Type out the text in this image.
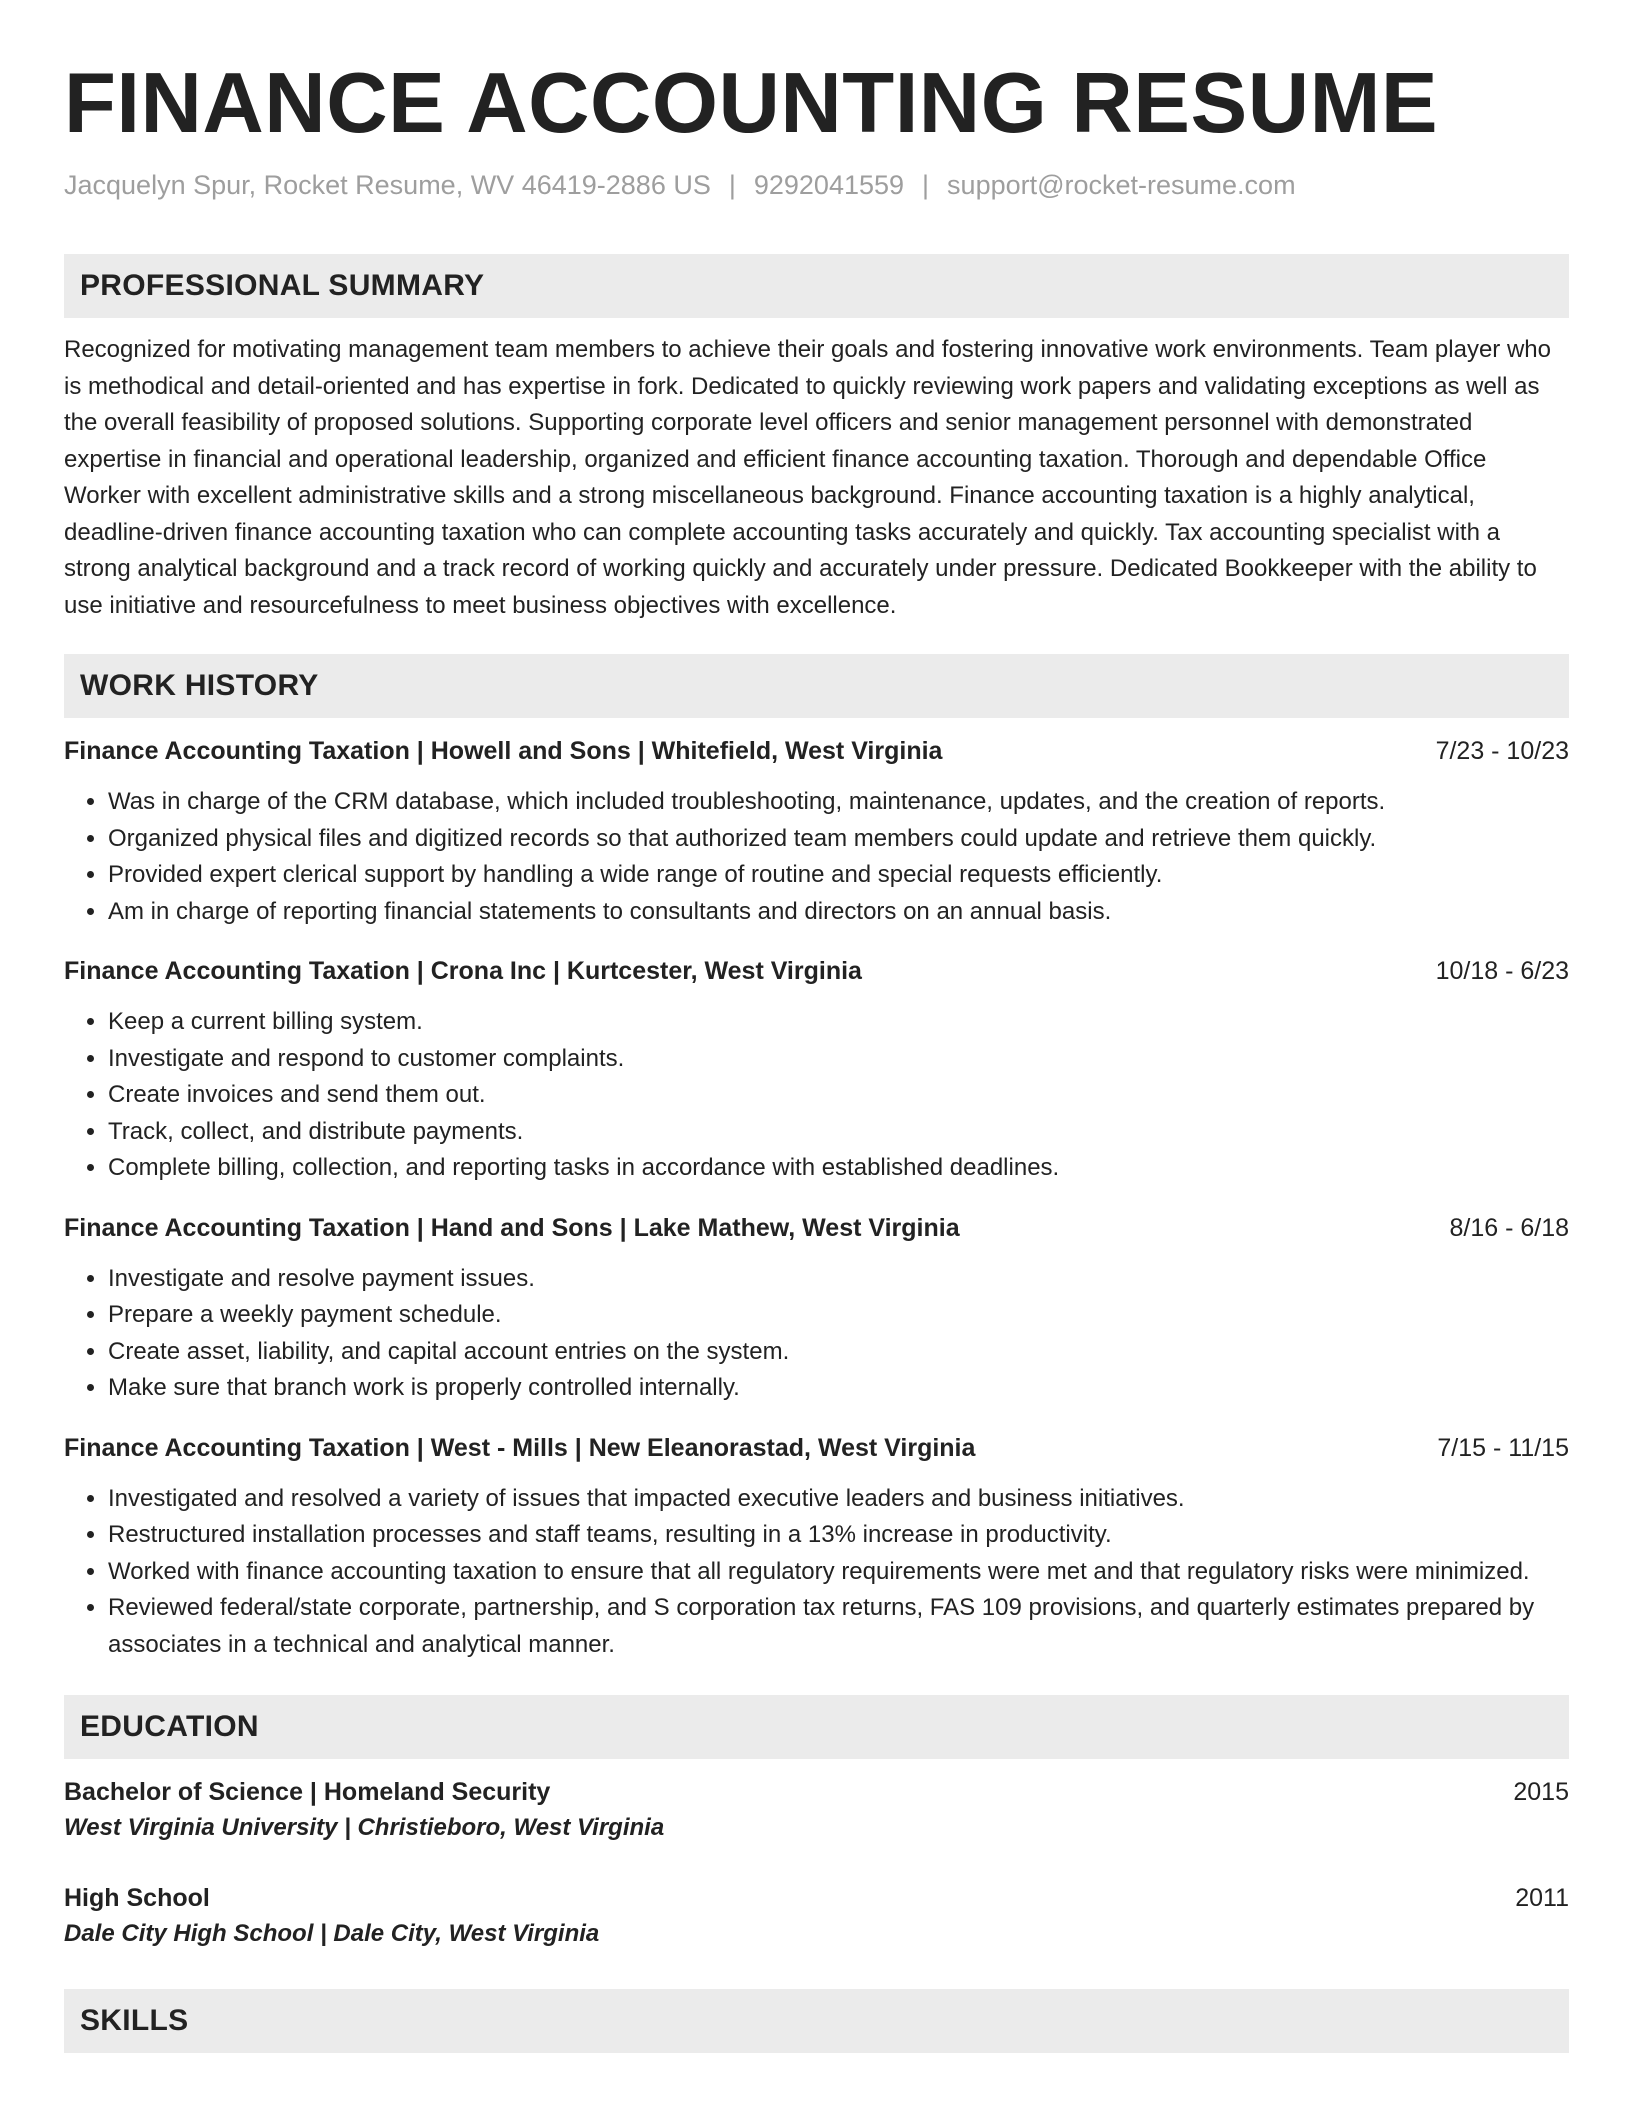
FINANCE ACCOUNTING RESUME
Jacquelyn Spur, Rocket Resume, WV 46419-2886 US | 9292041559 | support@rocket-resume.com
PROFESSIONAL SUMMARY

Recognized for motivating management team members to achieve their goals and fostering innovative work environments. Team player who is methodical and detail-oriented and has expertise in fork. Dedicated to quickly reviewing work papers and validating exceptions as well as the overall feasibility of proposed solutions. Supporting corporate level officers and senior management personnel with demonstrated expertise in financial and operational leadership, organized and efficient finance accounting taxation. Thorough and dependable Office Worker with excellent administrative skills and a strong miscellaneous background. Finance accounting taxation is a highly analytical, deadline-driven finance accounting taxation who can complete accounting tasks accurately and quickly. Tax accounting specialist with a strong analytical background and a track record of working quickly and accurately under pressure. Dedicated Bookkeeper with the ability to use initiative and resourcefulness to meet business objectives with excellence.

WORK HISTORY
Finance Accounting Taxation | Howell and Sons | Whitefield, West Virginia	7/23 - 10/23
• Was in charge of the CRM database, which included troubleshooting, maintenance, updates, and the creation of reports.
• Organized physical files and digitized records so that authorized team members could update and retrieve them quickly.
• Provided expert clerical support by handling a wide range of routine and special requests efficiently.
• Am in charge of reporting financial statements to consultants and directors on an annual basis.
Finance Accounting Taxation | Crona Inc | Kurtcester, West Virginia	10/18 - 6/23
• Keep a current billing system.
• Investigate and respond to customer complaints.
• Create invoices and send them out.
• Track, collect, and distribute payments.
• Complete billing, collection, and reporting tasks in accordance with established deadlines.
Finance Accounting Taxation | Hand and Sons | Lake Mathew, West Virginia	8/16 - 6/18
• Investigate and resolve payment issues.
• Prepare a weekly payment schedule.
• Create asset, liability, and capital account entries on the system.
• Make sure that branch work is properly controlled internally.
Finance Accounting Taxation | West - Mills | New Eleanorastad, West Virginia	7/15 - 11/15
• Investigated and resolved a variety of issues that impacted executive leaders and business initiatives.
• Restructured installation processes and staff teams, resulting in a 13% increase in productivity.
• Worked with finance accounting taxation to ensure that all regulatory requirements were met and that regulatory risks were minimized.
• Reviewed federal/state corporate, partnership, and S corporation tax returns, FAS 109 provisions, and quarterly estimates prepared by associates in a technical and analytical manner.
EDUCATION
Bachelor of Science | Homeland Security	2015
West Virginia University | Christieboro, West Virginia
High School	2011
Dale City High School | Dale City, West Virginia
SKILLS
